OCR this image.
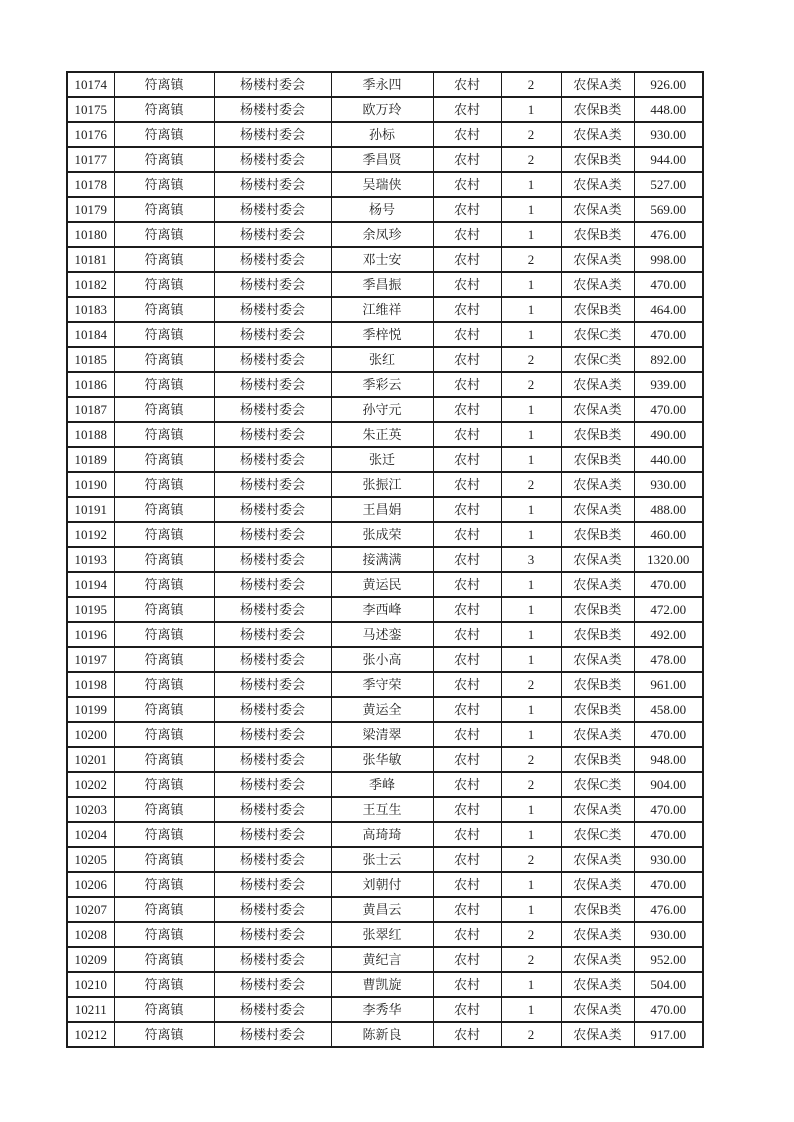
10174	符离镇	杨楼村委会	季永四	农村	2	农保A类	926.00
10175	符离镇	杨楼村委会	欧万玲	农村	1	农保B类	448.00
10176	符离镇	杨楼村委会	孙标	农村	2	农保A类	930.00
10177	符离镇	杨楼村委会	季昌贤	农村	2	农保B类	944.00
10178	符离镇	杨楼村委会	吴瑞侠	农村	1	农保A类	527.00
10179	符离镇	杨楼村委会	杨号	农村	1	农保A类	569.00
10180	符离镇	杨楼村委会	余凤珍	农村	1	农保B类	476.00
10181	符离镇	杨楼村委会	邓士安	农村	2	农保A类	998.00
10182	符离镇	杨楼村委会	季昌振	农村	1	农保A类	470.00
10183	符离镇	杨楼村委会	江维祥	农村	1	农保B类	464.00
10184	符离镇	杨楼村委会	季梓悦	农村	1	农保C类	470.00
10185	符离镇	杨楼村委会	张红	农村	2	农保C类	892.00
10186	符离镇	杨楼村委会	季彩云	农村	2	农保A类	939.00
10187	符离镇	杨楼村委会	孙守元	农村	1	农保A类	470.00
10188	符离镇	杨楼村委会	朱正英	农村	1	农保B类	490.00
10189	符离镇	杨楼村委会	张迁	农村	1	农保B类	440.00
10190	符离镇	杨楼村委会	张振江	农村	2	农保A类	930.00
10191	符离镇	杨楼村委会	王昌娟	农村	1	农保A类	488.00
10192	符离镇	杨楼村委会	张成荣	农村	1	农保B类	460.00
10193	符离镇	杨楼村委会	接满满	农村	3	农保A类	1320.00
10194	符离镇	杨楼村委会	黄运民	农村	1	农保A类	470.00
10195	符离镇	杨楼村委会	李西峰	农村	1	农保B类	472.00
10196	符离镇	杨楼村委会	马述銮	农村	1	农保B类	492.00
10197	符离镇	杨楼村委会	张小高	农村	1	农保A类	478.00
10198	符离镇	杨楼村委会	季守荣	农村	2	农保B类	961.00
10199	符离镇	杨楼村委会	黄运全	农村	1	农保B类	458.00
10200	符离镇	杨楼村委会	梁清翠	农村	1	农保A类	470.00
10201	符离镇	杨楼村委会	张华敏	农村	2	农保B类	948.00
10202	符离镇	杨楼村委会	季峰	农村	2	农保C类	904.00
10203	符离镇	杨楼村委会	王互生	农村	1	农保A类	470.00
10204	符离镇	杨楼村委会	高琦琦	农村	1	农保C类	470.00
10205	符离镇	杨楼村委会	张士云	农村	2	农保A类	930.00
10206	符离镇	杨楼村委会	刘朝付	农村	1	农保A类	470.00
10207	符离镇	杨楼村委会	黄昌云	农村	1	农保B类	476.00
10208	符离镇	杨楼村委会	张翠红	农村	2	农保A类	930.00
10209	符离镇	杨楼村委会	黄纪言	农村	2	农保A类	952.00
10210	符离镇	杨楼村委会	曹凯旋	农村	1	农保A类	504.00
10211	符离镇	杨楼村委会	李秀华	农村	1	农保A类	470.00
10212	符离镇	杨楼村委会	陈新良	农村	2	农保A类	917.00
